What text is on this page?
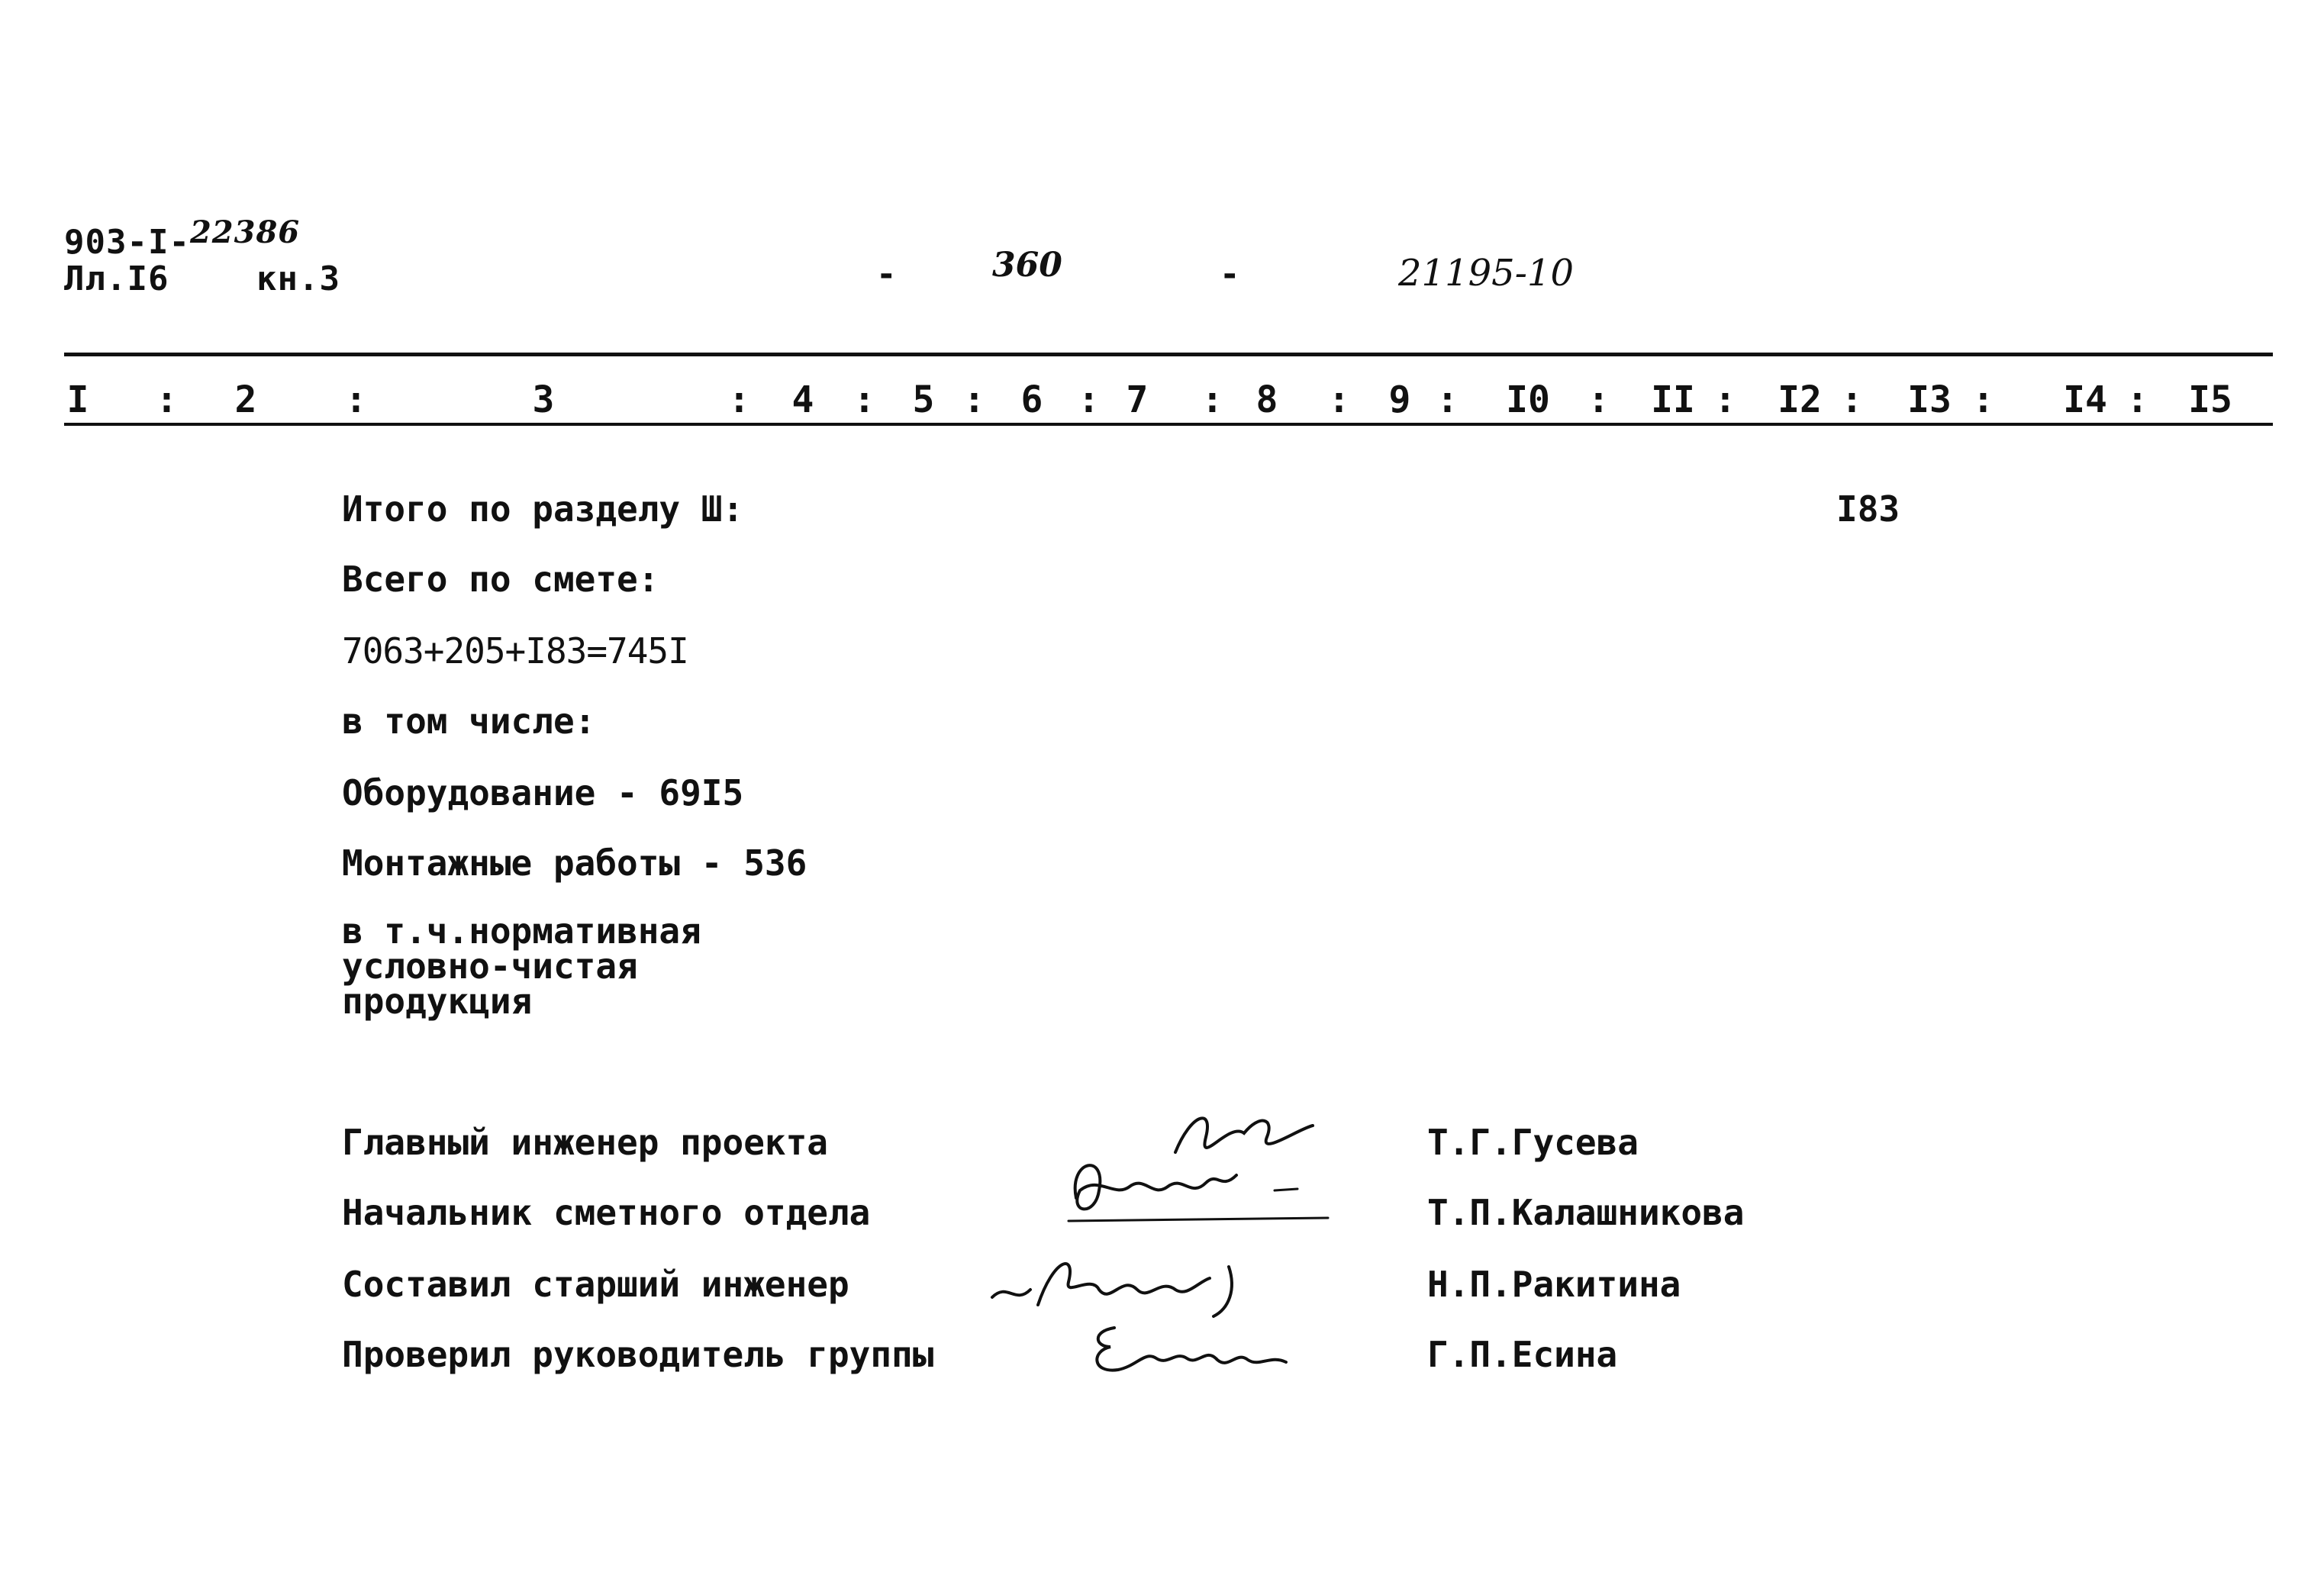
903-I-22386
Лл.I6	кн.3	-	360	-	21195-10
I	:	2	:	3	:	4	:	5 : 6 : 7	: 8	:	9 : I0 : II : I2 : I3 : I4 : I5
Итого по разделу Ш:	I83
Всего по смете:
7063+205+I83=745I
в том числе:
Оборудование - 69I5
Монтажные работы - 536
в т.ч.нормативная
условно-чистая
продукция
Главный инженер проекта	Т.Г.Гусева
Начальник сметного отдела	Т.П.Калашникова
Составил старший инженер	Н.П.Ракитина
Проверил руководитель группы	Г.П.Есина
